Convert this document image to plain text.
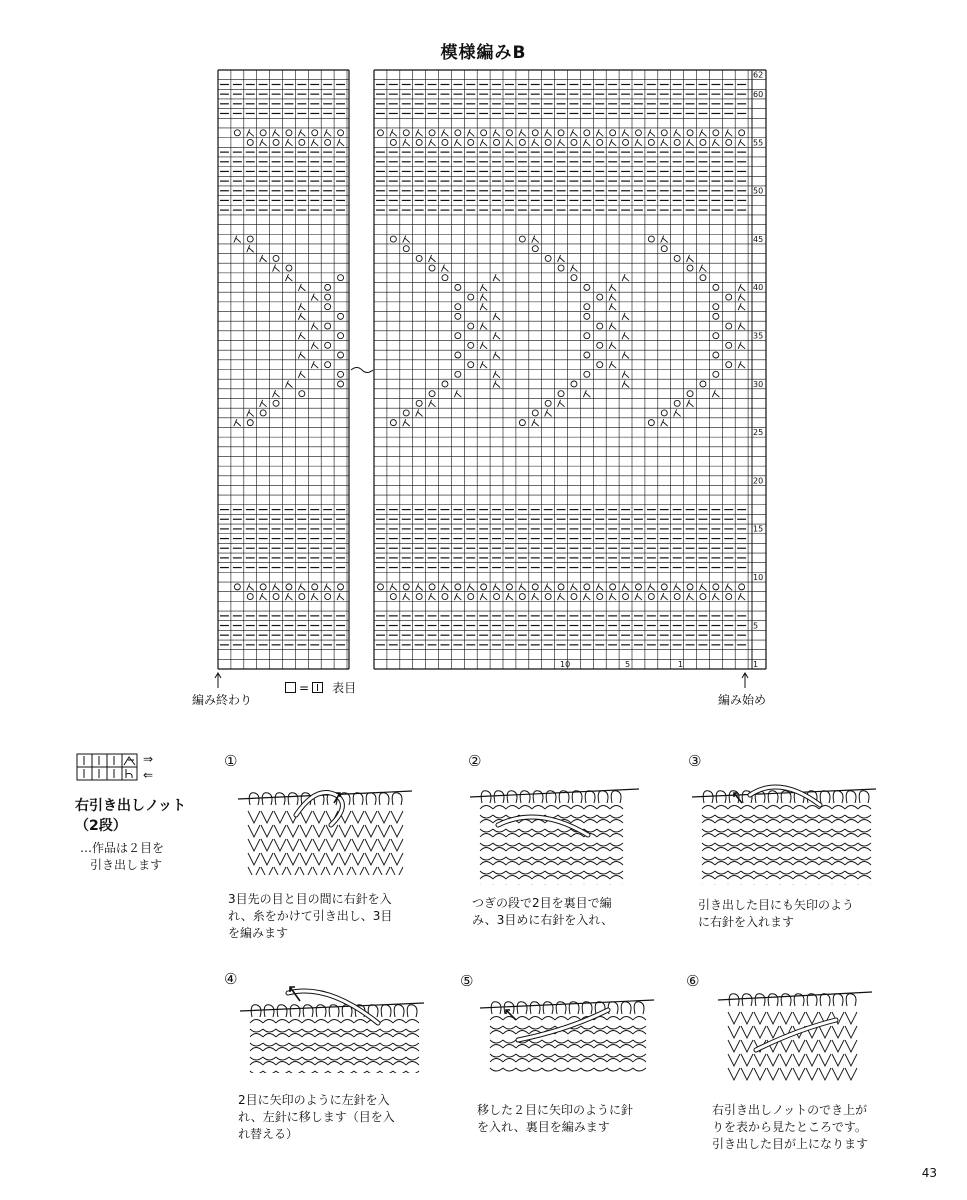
模様編みB
62
60
55
50
45
40
35
30
25
20
15
10
5
1
10	5	1
編み終わり	編み始め
= 表目
⇒
⇐
右引き出しノット
（2段）
…作品は２目を
引き出します
①	②	③
④	⑤	⑥
3目先の目と目の間に右針を入
れ、糸をかけて引き出し、3目
を編みます
つぎの段で2目を裏目で編
み、3目めに右針を入れ、
引き出した目にも矢印のよう
に右針を入れます
2目に矢印のように左針を入
れ、左針に移します（目を入
れ替える）
移した２目に矢印のように針
を入れ、裏目を編みます
右引き出しノットのでき上が
りを表から見たところです。
引き出した目が上になります
43
